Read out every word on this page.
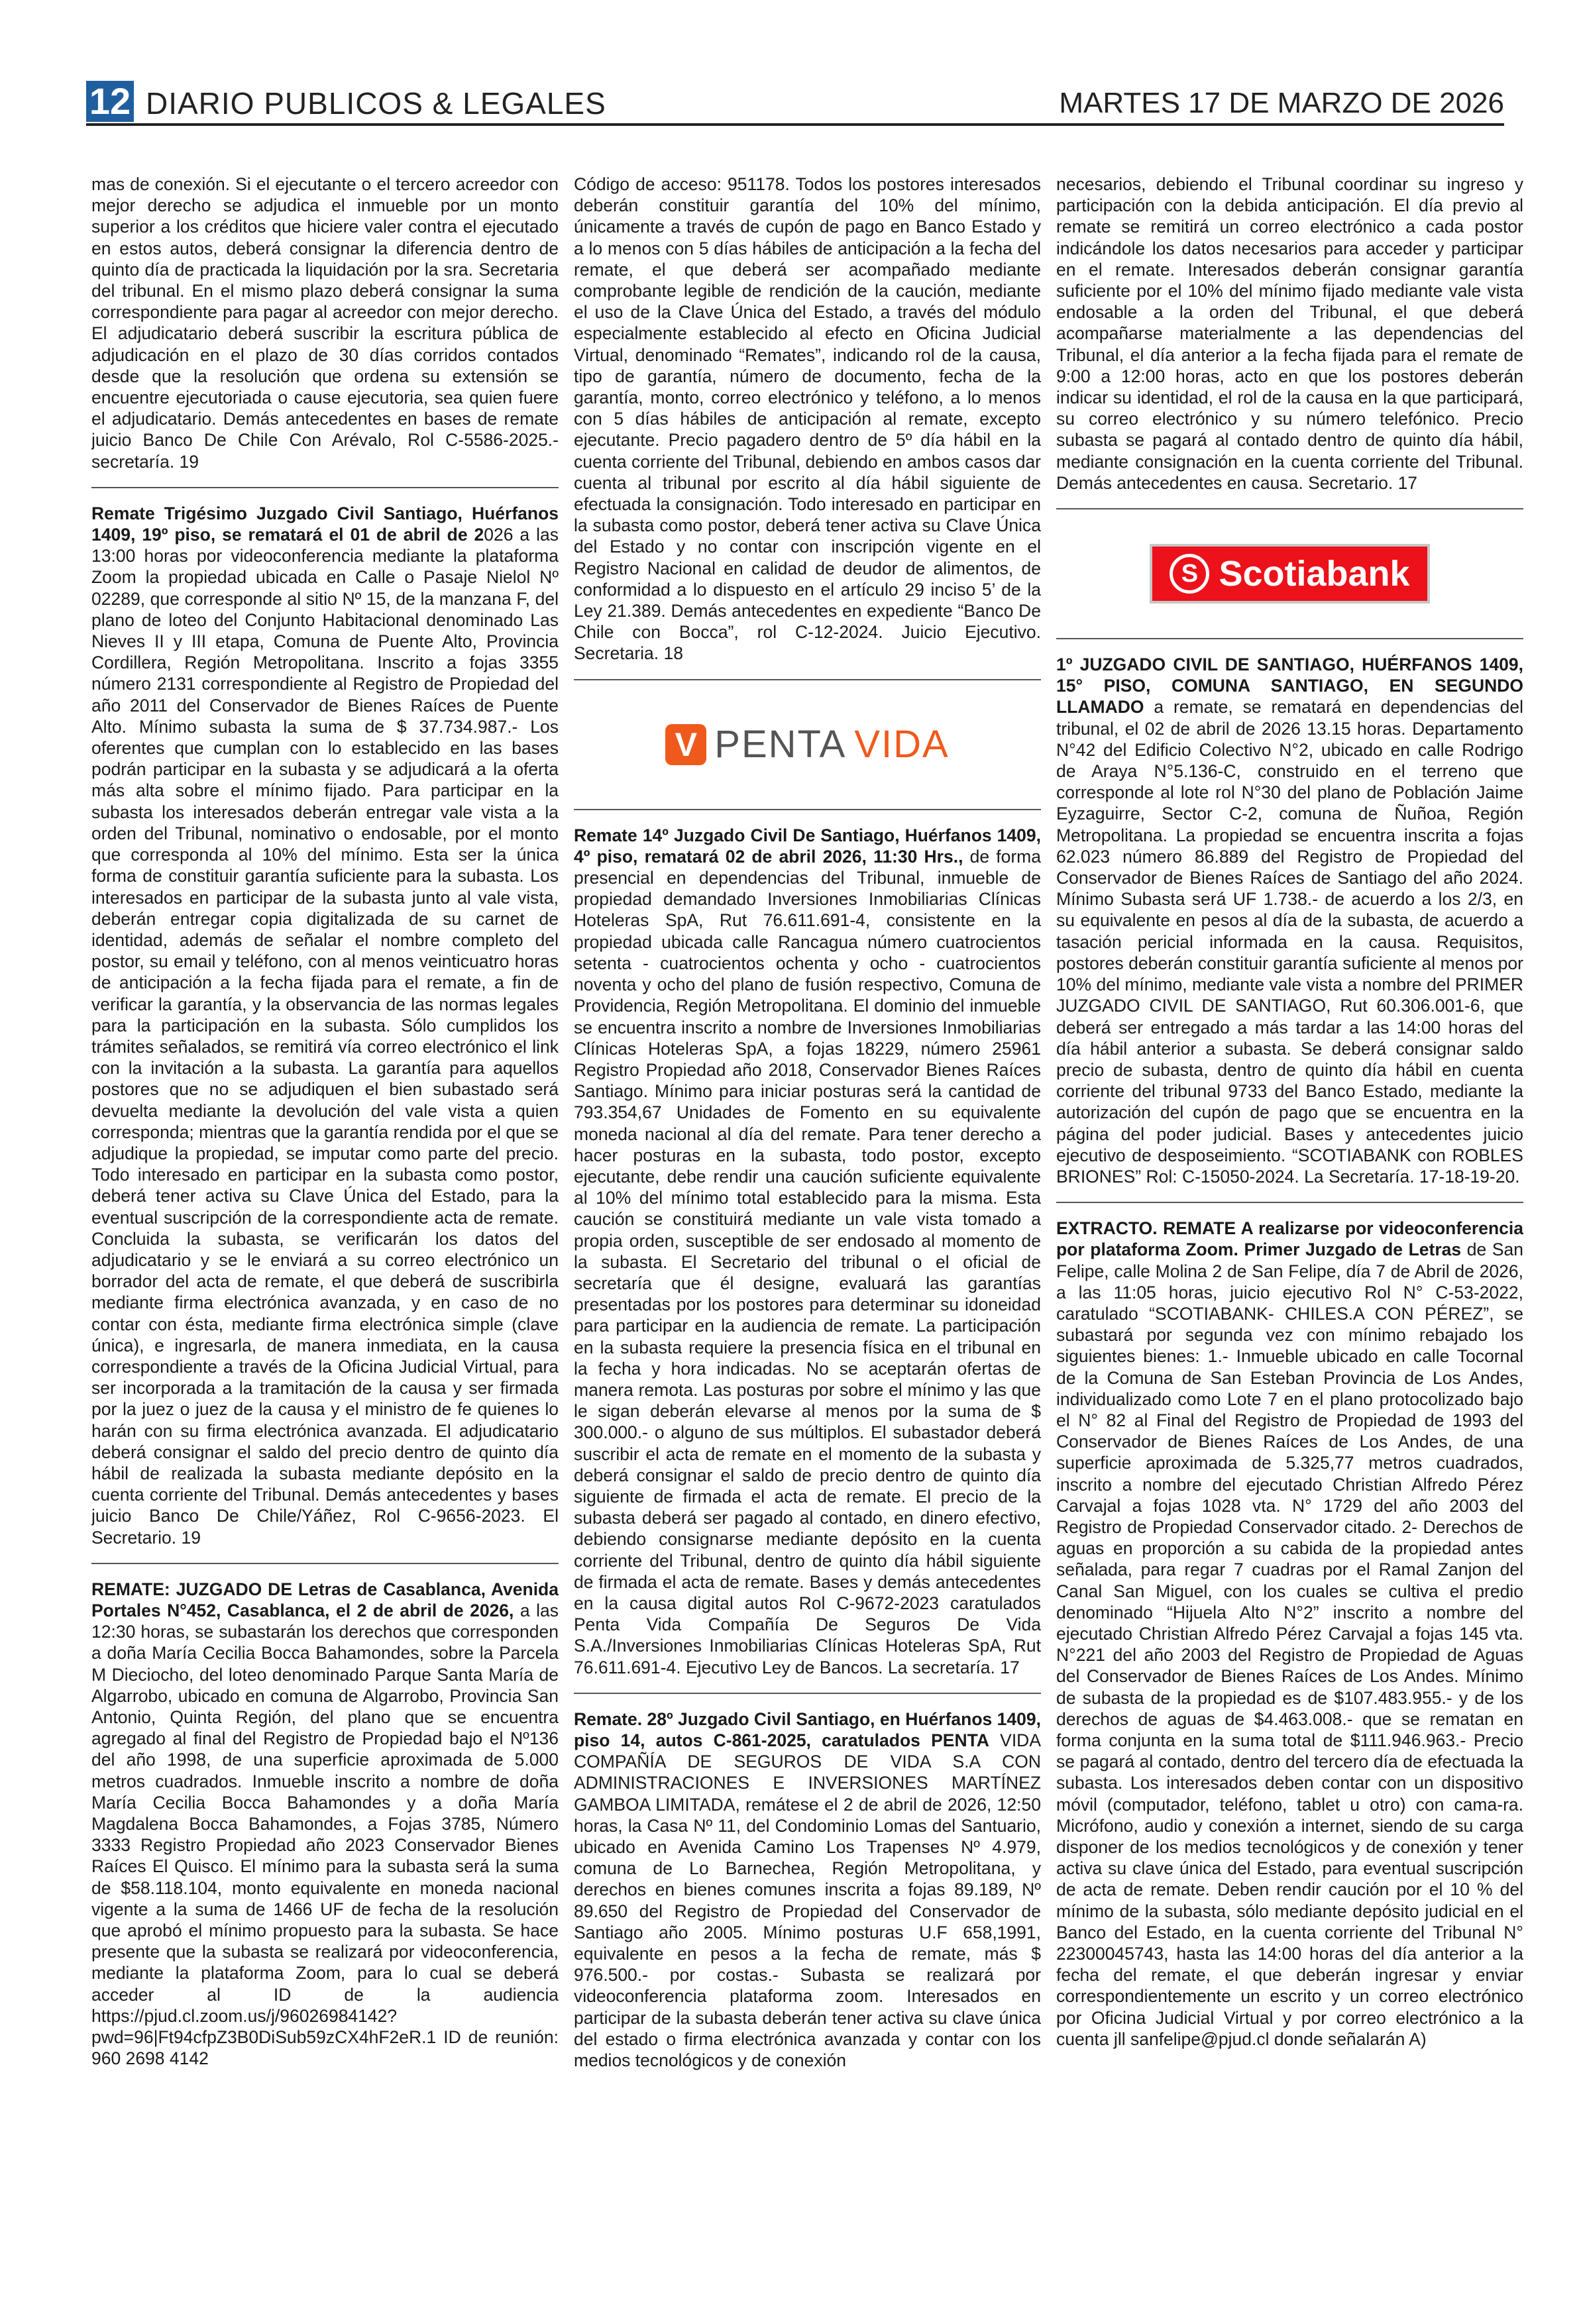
12 DIARIO PUBLICOS & LEGALES	MARTES 17 DE MARZO DE 2026

mas de conexión. Si el ejecutante o el tercero acreedor con mejor derecho se adjudica el inmueble por un monto superior a los créditos que hiciere valer contra el ejecutado en estos autos, deberá consignar la diferencia dentro de quinto día de practicada la liquidación por la sra. Secretaria del tribunal. En el mismo plazo deberá consignar la suma correspondiente para pagar al acreedor con mejor derecho. El adjudicatario deberá suscribir la escritura pública de adjudicación en el plazo de 30 días corridos contados desde que la resolución que ordena su extensión se encuentre ejecutoriada o cause ejecutoria, sea quien fuere el adjudicatario. Demás antecedentes en bases de remate juicio Banco De Chile Con Arévalo, Rol C-5586-2025.- secretaría. 19

Remate Trigésimo Juzgado Civil Santiago, Huérfanos 1409, 19º piso, se rematará el 01 de abril de 2026 a las 13:00 horas por videoconferencia mediante la plataforma Zoom la propiedad ubicada en Calle o Pasaje Nielol Nº 02289, que corresponde al sitio Nº 15, de la manzana F, del plano de loteo del Conjunto Habitacional denominado Las Nieves II y III etapa, Comuna de Puente Alto, Provincia Cordillera, Región Metropolitana. Inscrito a fojas 3355 número 2131 correspondiente al Registro de Propiedad del año 2011 del Conservador de Bienes Raíces de Puente Alto. Mínimo subasta la suma de $ 37.734.987.- Los oferentes que cumplan con lo establecido en las bases podrán participar en la subasta y se adjudicará a la oferta más alta sobre el mínimo fijado. Para participar en la subasta los interesados deberán entregar vale vista a la orden del Tribunal, nominativo o endosable, por el monto que corresponda al 10% del mínimo. Esta ser la única forma de constituir garantía suficiente para la subasta. Los interesados en participar de la subasta junto al vale vista, deberán entregar copia digitalizada de su carnet de identidad, además de señalar el nombre completo del postor, su email y teléfono, con al menos veinticuatro horas de anticipación a la fecha fijada para el remate, a fin de verificar la garantía, y la observancia de las normas legales para la participación en la subasta. Sólo cumplidos los trámites señalados, se remitirá vía correo electrónico el link con la invitación a la subasta. La garantía para aquellos postores que no se adjudiquen el bien subastado será devuelta mediante la devolución del vale vista a quien corresponda; mientras que la garantía rendida por el que se adjudique la propiedad, se imputar como parte del precio. Todo interesado en participar en la subasta como postor, deberá tener activa su Clave Única del Estado, para la eventual suscripción de la correspondiente acta de remate. Concluida la subasta, se verificarán los datos del adjudicatario y se le enviará a su correo electrónico un borrador del acta de remate, el que deberá de suscribirla mediante firma electrónica avanzada, y en caso de no contar con ésta, mediante firma electrónica simple (clave única), e ingresarla, de manera inmediata, en la causa correspondiente a través de la Oficina Judicial Virtual, para ser incorporada a la tramitación de la causa y ser firmada por la juez o juez de la causa y el ministro de fe quienes lo harán con su firma electrónica avanzada. El adjudicatario deberá consignar el saldo del precio dentro de quinto día hábil de realizada la subasta mediante depósito en la cuenta corriente del Tribunal. Demás antecedentes y bases juicio Banco De Chile/Yáñez, Rol C-9656-2023. El Secretario. 19

REMATE: JUZGADO DE Letras de Casablanca, Avenida Portales N°452, Casablanca, el 2 de abril de 2026, a las 12:30 horas, se subastarán los derechos que corresponden a doña María Cecilia Bocca Bahamondes, sobre la Parcela M Dieciocho, del loteo denominado Parque Santa María de Algarrobo, ubicado en comuna de Algarrobo, Provincia San Antonio, Quinta Región, del plano que se encuentra agregado al final del Registro de Propiedad bajo el Nº136 del año 1998, de una superficie aproximada de 5.000 metros cuadrados. Inmueble inscrito a nombre de doña María Cecilia Bocca Bahamondes y a doña María Magdalena Bocca Bahamondes, a Fojas 3785, Número 3333 Registro Propiedad año 2023 Conservador Bienes Raíces El Quisco. El mínimo para la subasta será la suma de $58.118.104, monto equivalente en moneda nacional vigente a la suma de 1466 UF de fecha de la resolución que aprobó el mínimo propuesto para la subasta. Se hace presente que la subasta se realizará por videoconferencia, mediante la plataforma Zoom, para lo cual se deberá acceder al ID de la audiencia https://pjud.cl.zoom.us/j/96026984142?pwd=96|Ft94cfpZ3B0DiSub59zCX4hF2eR.1 ID de reunión: 960 2698 4142

Código de acceso: 951178. Todos los postores interesados deberán constituir garantía del 10% del mínimo, únicamente a través de cupón de pago en Banco Estado y a lo menos con 5 días hábiles de anticipación a la fecha del remate, el que deberá ser acompañado mediante comprobante legible de rendición de la caución, mediante el uso de la Clave Única del Estado, a través del módulo especialmente establecido al efecto en Oficina Judicial Virtual, denominado “Remates”, indicando rol de la causa, tipo de garantía, número de documento, fecha de la garantía, monto, correo electrónico y teléfono, a lo menos con 5 días hábiles de anticipación al remate, excepto ejecutante. Precio pagadero dentro de 5º día hábil en la cuenta corriente del Tribunal, debiendo en ambos casos dar cuenta al tribunal por escrito al día hábil siguiente de efectuada la consignación. Todo interesado en participar en la subasta como postor, deberá tener activa su Clave Única del Estado y no contar con inscripción vigente en el Registro Nacional en calidad de deudor de alimentos, de conformidad a lo dispuesto en el artículo 29 inciso 5’ de la Ley 21.389. Demás antecedentes en expediente “Banco De Chile con Bocca”, rol C-12-2024. Juicio Ejecutivo. Secretaria. 18

V PENTA VIDA

Remate 14º Juzgado Civil De Santiago, Huérfanos 1409, 4º piso, rematará 02 de abril 2026, 11:30 Hrs., de forma presencial en dependencias del Tribunal, inmueble de propiedad demandado Inversiones Inmobiliarias Clínicas Hoteleras SpA, Rut 76.611.691-4, consistente en la propiedad ubicada calle Rancagua número cuatrocientos setenta - cuatrocientos ochenta y ocho - cuatrocientos noventa y ocho del plano de fusión respectivo, Comuna de Providencia, Región Metropolitana. El dominio del inmueble se encuentra inscrito a nombre de Inversiones Inmobiliarias Clínicas Hoteleras SpA, a fojas 18229, número 25961 Registro Propiedad año 2018, Conservador Bienes Raíces Santiago. Mínimo para iniciar posturas será la cantidad de 793.354,67 Unidades de Fomento en su equivalente moneda nacional al día del remate. Para tener derecho a hacer posturas en la subasta, todo postor, excepto ejecutante, debe rendir una caución suficiente equivalente al 10% del mínimo total establecido para la misma. Esta caución se constituirá mediante un vale vista tomado a propia orden, susceptible de ser endosado al momento de la subasta. El Secretario del tribunal o el oficial de secretaría que él designe, evaluará las garantías presentadas por los postores para determinar su idoneidad para participar en la audiencia de remate. La participación en la subasta requiere la presencia física en el tribunal en la fecha y hora indicadas. No se aceptarán ofertas de manera remota. Las posturas por sobre el mínimo y las que le sigan deberán elevarse al menos por la suma de $ 300.000.- o alguno de sus múltiplos. El subastador deberá suscribir el acta de remate en el momento de la subasta y deberá consignar el saldo de precio dentro de quinto día siguiente de firmada el acta de remate. El precio de la subasta deberá ser pagado al contado, en dinero efectivo, debiendo consignarse mediante depósito en la cuenta corriente del Tribunal, dentro de quinto día hábil siguiente de firmada el acta de remate. Bases y demás antecedentes en la causa digital autos Rol C-9672-2023 caratulados Penta Vida Compañía De Seguros De Vida S.A./Inversiones Inmobiliarias Clínicas Hoteleras SpA, Rut 76.611.691-4. Ejecutivo Ley de Bancos. La secretaría. 17

Remate. 28º Juzgado Civil Santiago, en Huérfanos 1409, piso 14, autos C-861-2025, caratulados PENTA VIDA COMPAÑÍA DE SEGUROS DE VIDA S.A CON ADMINISTRACIONES E INVERSIONES MARTÍNEZ GAMBOA LIMITADA, remátese el 2 de abril de 2026, 12:50 horas, la Casa Nº 11, del Condominio Lomas del Santuario, ubicado en Avenida Camino Los Trapenses Nº 4.979, comuna de Lo Barnechea, Región Metropolitana, y derechos en bienes comunes inscrita a fojas 89.189, Nº 89.650 del Registro de Propiedad del Conservador de Santiago año 2005. Mínimo posturas U.F 658,1991, equivalente en pesos a la fecha de remate, más $ 976.500.- por costas.- Subasta se realizará por videoconferencia plataforma zoom. Interesados en participar de la subasta deberán tener activa su clave única del estado o firma electrónica avanzada y contar con los medios tecnológicos y de conexión

necesarios, debiendo el Tribunal coordinar su ingreso y participación con la debida anticipación. El día previo al remate se remitirá un correo electrónico a cada postor indicándole los datos necesarios para acceder y participar en el remate. Interesados deberán consignar garantía suficiente por el 10% del mínimo fijado mediante vale vista endosable a la orden del Tribunal, el que deberá acompañarse materialmente a las dependencias del Tribunal, el día anterior a la fecha fijada para el remate de 9:00 a 12:00 horas, acto en que los postores deberán indicar su identidad, el rol de la causa en la que participará, su correo electrónico y su número telefónico. Precio subasta se pagará al contado dentro de quinto día hábil, mediante consignación en la cuenta corriente del Tribunal. Demás antecedentes en causa. Secretario. 17

S Scotiabank

1º JUZGADO CIVIL DE SANTIAGO, HUÉRFANOS 1409, 15° PISO, COMUNA SANTIAGO, EN SEGUNDO LLAMADO a remate, se rematará en dependencias del tribunal, el 02 de abril de 2026 13.15 horas. Departamento N°42 del Edificio Colectivo N°2, ubicado en calle Rodrigo de Araya N°5.136-C, construido en el terreno que corresponde al lote rol N°30 del plano de Población Jaime Eyzaguirre, Sector C-2, comuna de Ñuñoa, Región Metropolitana. La propiedad se encuentra inscrita a fojas 62.023 número 86.889 del Registro de Propiedad del Conservador de Bienes Raíces de Santiago del año 2024. Mínimo Subasta será UF 1.738.- de acuerdo a los 2/3, en su equivalente en pesos al día de la subasta, de acuerdo a tasación pericial informada en la causa. Requisitos, postores deberán constituir garantía suficiente al menos por 10% del mínimo, mediante vale vista a nombre del PRIMER JUZGADO CIVIL DE SANTIAGO, Rut 60.306.001-6, que deberá ser entregado a más tardar a las 14:00 horas del día hábil anterior a subasta. Se deberá consignar saldo precio de subasta, dentro de quinto día hábil en cuenta corriente del tribunal 9733 del Banco Estado, mediante la autorización del cupón de pago que se encuentra en la página del poder judicial. Bases y antecedentes juicio ejecutivo de desposeimiento. “SCOTIABANK con ROBLES BRIONES” Rol: C-15050-2024. La Secretaría. 17-18-19-20.

EXTRACTO. REMATE A realizarse por videoconferencia por plataforma Zoom. Primer Juzgado de Letras de San Felipe, calle Molina 2 de San Felipe, día 7 de Abril de 2026, a las 11:05 horas, juicio ejecutivo Rol N° C-53-2022, caratulado “SCOTIABANK- CHILES.A CON PÉREZ”, se subastará por segunda vez con mínimo rebajado los siguientes bienes: 1.- Inmueble ubicado en calle Tocornal de la Comuna de San Esteban Provincia de Los Andes, individualizado como Lote 7 en el plano protocolizado bajo el N° 82 al Final del Registro de Propiedad de 1993 del Conservador de Bienes Raíces de Los Andes, de una superficie aproximada de 5.325,77 metros cuadrados, inscrito a nombre del ejecutado Christian Alfredo Pérez Carvajal a fojas 1028 vta. N° 1729 del año 2003 del Registro de Propiedad Conservador citado. 2- Derechos de aguas en proporción a su cabida de la propiedad antes señalada, para regar 7 cuadras por el Ramal Zanjon del Canal San Miguel, con los cuales se cultiva el predio denominado “Hijuela Alto N°2” inscrito a nombre del ejecutado Christian Alfredo Pérez Carvajal a fojas 145 vta. N°221 del año 2003 del Registro de Propiedad de Aguas del Conservador de Bienes Raíces de Los Andes. Mínimo de subasta de la propiedad es de $107.483.955.- y de los derechos de aguas de $4.463.008.- que se rematan en forma conjunta en la suma total de $111.946.963.- Precio se pagará al contado, dentro del tercero día de efectuada la subasta. Los interesados deben contar con un dispositivo móvil (computador, teléfono, tablet u otro) con cama-ra. Micrófono, audio y conexión a internet, siendo de su carga disponer de los medios tecnológicos y de conexión y tener activa su clave única del Estado, para eventual suscripción de acta de remate. Deben rendir caución por el 10 % del mínimo de la subasta, sólo mediante depósito judicial en el Banco del Estado, en la cuenta corriente del Tribunal N° 22300045743, hasta las 14:00 horas del día anterior a la fecha del remate, el que deberán ingresar y enviar correspondientemente un escrito y un correo electrónico por Oficina Judicial Virtual y por correo electrónico a la cuenta jll sanfelipe@pjud.cl donde señalarán A)
